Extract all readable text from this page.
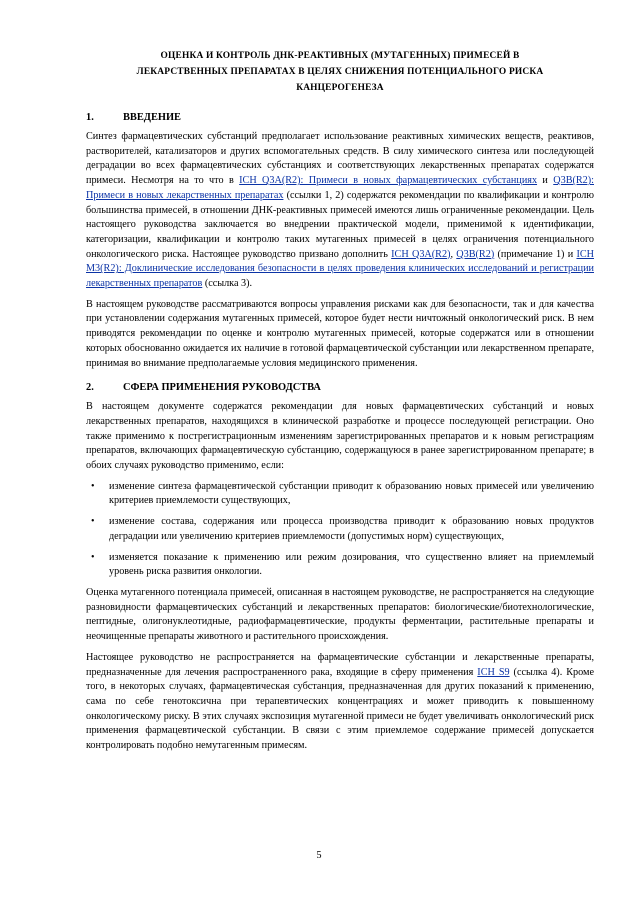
ОЦЕНКА И КОНТРОЛЬ ДНК-РЕАКТИВНЫХ (МУТАГЕННЫХ) ПРИМЕСЕЙ В
ЛЕКАРСТВЕННЫХ ПРЕПАРАТАХ В ЦЕЛЯХ СНИЖЕНИЯ ПОТЕНЦИАЛЬНОГО РИСКА
КАНЦЕРОГЕНЕЗА
1.	ВВЕДЕНИЕ

Синтез фармацевтических субстанций предполагает использование реактивных химических веществ, реактивов, растворителей, катализаторов и других вспомогательных средств. В силу химического синтеза или последующей деградации во всех фармацевтических субстанциях и соответствующих лекарственных препаратах содержатся примеси. Несмотря на то что в ICH Q3A(R2): Примеси в новых фармацевтических субстанциях и Q3B(R2): Примеси в новых лекарственных препаратах (ссылки 1, 2) содержатся рекомендации по квалификации и контролю большинства примесей, в отношении ДНК-реактивных примесей имеются лишь ограниченные рекомендации. Цель настоящего руководства заключается во внедрении практической модели, применимой к идентификации, категоризации, квалификации и контролю таких мутагенных примесей в целях ограничения потенциального онкологического риска. Настоящее руководство призвано дополнить ICH Q3A(R2), Q3B(R2) (примечание 1) и ICH M3(R2): Доклинические исследования безопасности в целях проведения клинических исследований и регистрации лекарственных препаратов (ссылка 3).

В настоящем руководстве рассматриваются вопросы управления рисками как для безопасности, так и для качества при установлении содержания мутагенных примесей, которое будет нести ничтожный онкологический риск. В нем приводятся рекомендации по оценке и контролю мутагенных примесей, которые содержатся или в отношении которых обоснованно ожидается их наличие в готовой фармацевтической субстанции или лекарственном препарате, принимая во внимание предполагаемые условия медицинского применения.

2.	СФЕРА ПРИМЕНЕНИЯ РУКОВОДСТВА

В настоящем документе содержатся рекомендации для новых фармацевтических субстанций и новых лекарственных препаратов, находящихся в клинической разработке и процессе последующей регистрации. Оно также применимо к пострегистрационным изменениям зарегистрированных препаратов и к новым регистрациям препаратов, включающих фармацевтическую субстанцию, содержащуюся в ранее зарегистрированном препарате; в обоих случаях руководство применимо, если:

• изменение синтеза фармацевтической субстанции приводит к образованию новых примесей или увеличению критериев приемлемости существующих,
• изменение состава, содержания или процесса производства приводит к образованию новых продуктов деградации или увеличению критериев приемлемости (допустимых норм) существующих,
• изменяется показание к применению или режим дозирования, что существенно влияет на приемлемый уровень риска развития онкологии.

Оценка мутагенного потенциала примесей, описанная в настоящем руководстве, не распространяется на следующие разновидности фармацевтических субстанций и лекарственных препаратов: биологические/биотехнологические, пептидные, олигонуклеотидные, радиофармацевтические, продукты ферментации, растительные препараты и неочищенные препараты животного и растительного происхождения.

Настоящее руководство не распространяется на фармацевтические субстанции и лекарственные препараты, предназначенные для лечения распространенного рака, входящие в сферу применения ICH S9 (ссылка 4). Кроме того, в некоторых случаях, фармацевтическая субстанция, предназначенная для других показаний к применению, сама по себе генотоксична при терапевтических концентрациях и может приводить к повышенному онкологическому риску. В этих случаях экспозиция мутагенной примеси не будет увеличивать онкологический риск применения фармацевтической субстанции. В связи с этим приемлемое содержание примесей допускается контролировать подобно немутагенным примесям.

5
